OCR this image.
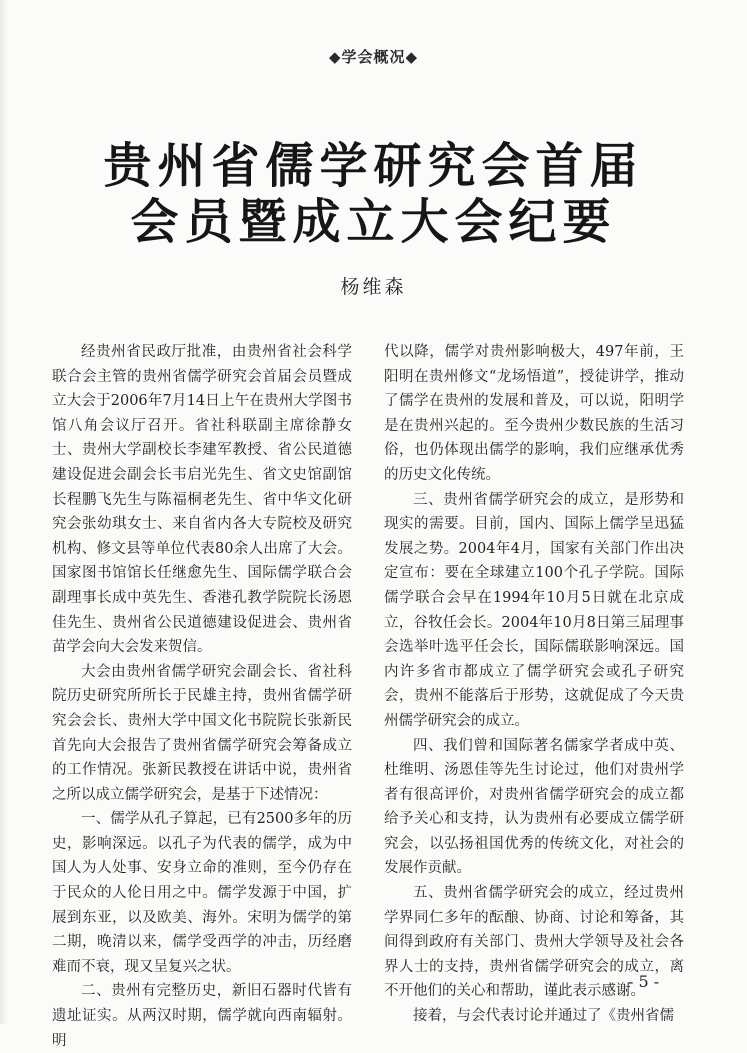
◆学会概况◆
贵州省儒学研究会首届
会员暨成立大会纪要
杨维森

经贵州省民政厅批准，由贵州省社会科学联合会主管的贵州省儒学研究会首届会员暨成立大会于2006年7月14日上午在贵州大学图书馆八角会议厅召开。省社科联副主席徐静女士、贵州大学副校长李建军教授、省公民道德建设促进会副会长韦启光先生、省文史馆副馆长程鹏飞先生与陈福桐老先生、省中华文化研究会张幼琪女士、来自省内各大专院校及研究机构、修文县等单位代表80余人出席了大会。国家图书馆馆长任继愈先生、国际儒学联合会副理事长成中英先生、香港孔教学院院长汤恩佳先生、贵州省公民道德建设促进会、贵州省苗学会向大会发来贺信。

大会由贵州省儒学研究会副会长、省社科院历史研究所所长于民雄主持，贵州省儒学研究会会长、贵州大学中国文化书院院长张新民首先向大会报告了贵州省儒学研究会筹备成立的工作情况。张新民教授在讲话中说，贵州省之所以成立儒学研究会，是基于下述情况：

一、儒学从孔子算起，已有2500多年的历史，影响深远。以孔子为代表的儒学，成为中国人为人处事、安身立命的准则，至今仍存在于民众的人伦日用之中。儒学发源于中国，扩展到东亚，以及欧美、海外。宋明为儒学的第二期，晚清以来，儒学受西学的冲击，历经磨难而不衰，现又呈复兴之状。

二、贵州有完整历史，新旧石器时代皆有遗址证实。从两汉时期，儒学就向西南辐射。明

代以降，儒学对贵州影响极大，497年前，王阳明在贵州修文“龙场悟道”，授徒讲学，推动了儒学在贵州的发展和普及，可以说，阳明学是在贵州兴起的。至今贵州少数民族的生活习俗，也仍体现出儒学的影响，我们应继承优秀的历史文化传统。

三、贵州省儒学研究会的成立，是形势和现实的需要。目前，国内、国际上儒学呈迅猛发展之势。2004年4月，国家有关部门作出决定宣布：要在全球建立100个孔子学院。国际儒学联合会早在1994年10月5日就在北京成立，谷牧任会长。2004年10月8日第三届理事会选举叶选平任会长，国际儒联影响深远。国内许多省市都成立了儒学研究会或孔子研究会，贵州不能落后于形势，这就促成了今天贵州儒学研究会的成立。

四、我们曾和国际著名儒家学者成中英、杜维明、汤恩佳等先生讨论过，他们对贵州学者有很高评价，对贵州省儒学研究会的成立都给予关心和支持，认为贵州有必要成立儒学研究会，以弘扬祖国优秀的传统文化，对社会的发展作贡献。

五、贵州省儒学研究会的成立，经过贵州学界同仁多年的酝酿、协商、讨论和筹备，其间得到政府有关部门、贵州大学领导及社会各界人士的支持，贵州省儒学研究会的成立，离不开他们的关心和帮助，谨此表示感谢。

接着，与会代表讨论并通过了《贵州省儒

- 5 -
